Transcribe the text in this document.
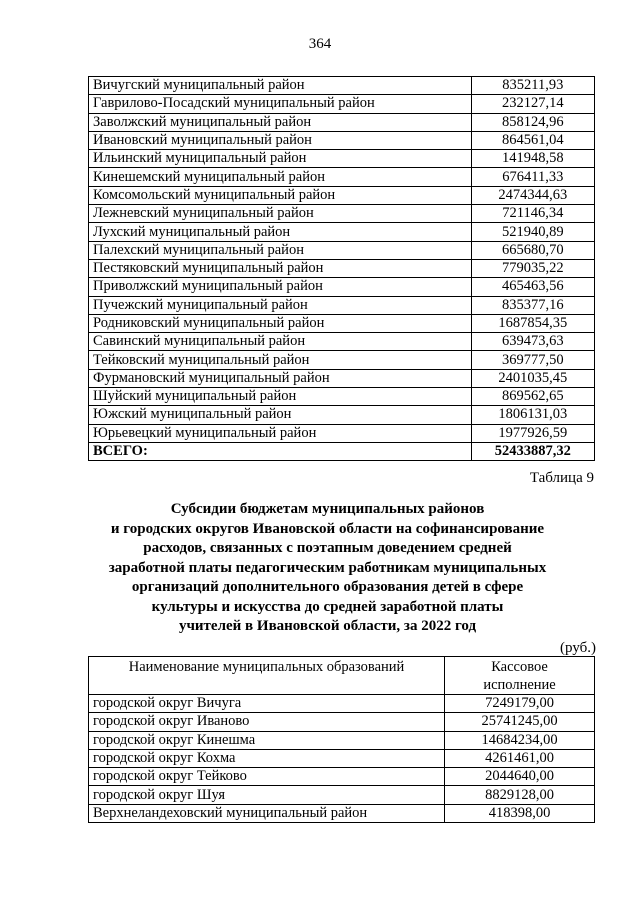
364
Вичугский муниципальный район	835211,93
Гаврилово-Посадский муниципальный район	232127,14
Заволжский муниципальный район	858124,96
Ивановский муниципальный район	864561,04
Ильинский муниципальный район	141948,58
Кинешемский муниципальный район	676411,33
Комсомольский муниципальный район	2474344,63
Лежневский муниципальный район	721146,34
Лухский муниципальный район	521940,89
Палехский муниципальный район	665680,70
Пестяковский муниципальный район	779035,22
Приволжский муниципальный район	465463,56
Пучежский муниципальный район	835377,16
Родниковский муниципальный район	1687854,35
Савинский муниципальный район	639473,63
Тейковский муниципальный район	369777,50
Фурмановский муниципальный район	2401035,45
Шуйский муниципальный район	869562,65
Южский муниципальный район	1806131,03
Юрьевецкий муниципальный район	1977926,59
ВСЕГО:	52433887,32
Таблица 9
Субсидии бюджетам муниципальных районов
и городских округов Ивановской области на софинансирование
расходов, связанных с поэтапным доведением средней
заработной платы педагогическим работникам муниципальных
организаций дополнительного образования детей в сфере
культуры и искусства до средней заработной платы
учителей в Ивановской области, за 2022 год
(руб.)
Наименование муниципальных образований	Кассовое
исполнение

городской округ Вичуга	7249179,00
городской округ Иваново	25741245,00
городской округ Кинешма	14684234,00
городской округ Кохма	4261461,00
городской округ Тейково	2044640,00
городской округ Шуя	8829128,00
Верхнеландеховский муниципальный район	418398,00
